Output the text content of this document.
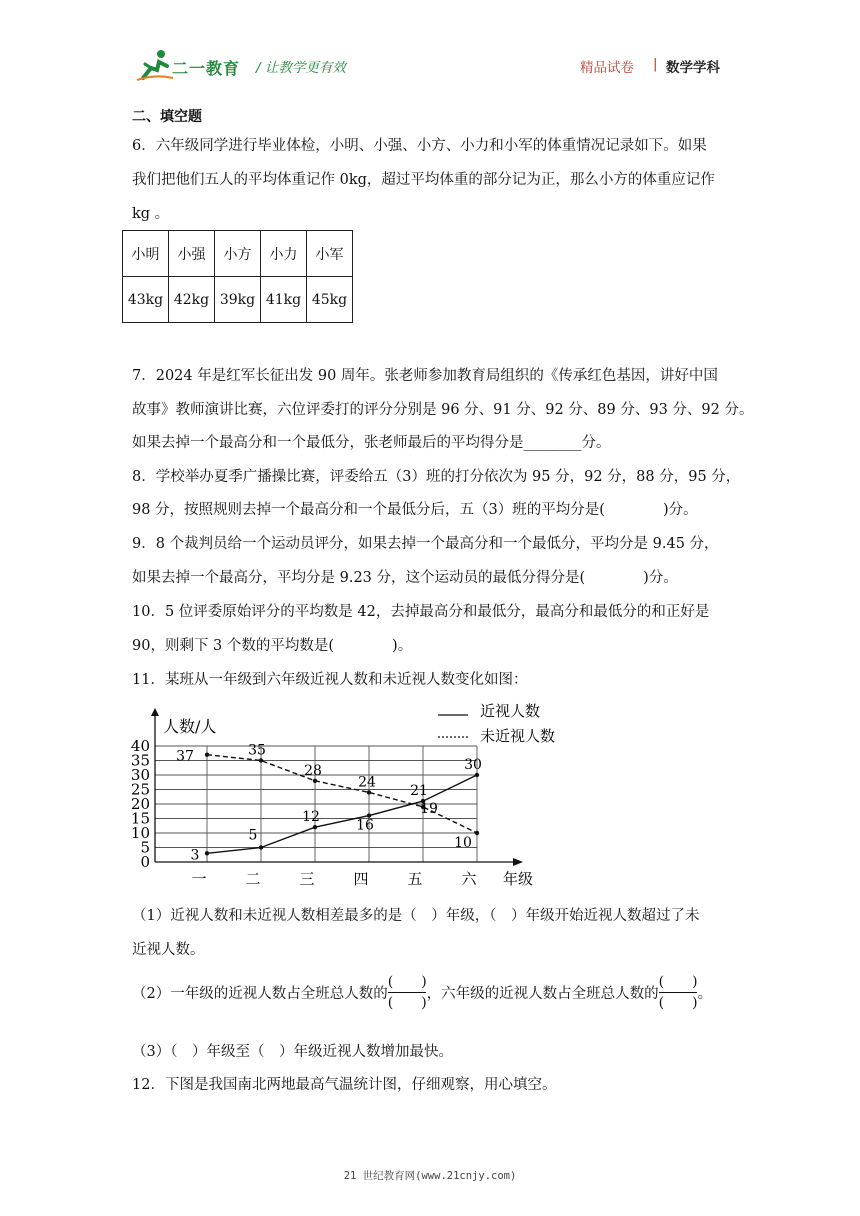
二一教育 / 让教学更有效	精品试卷 | 数学学科
二、填空题
6．六年级同学进行毕业体检，小明、小强、小方、小力和小军的体重情况记录如下。如果
我们把他们五人的平均体重记作 0kg，超过平均体重的部分记为正，那么小方的体重应记作
kg 。
小明	小强	小方	小力	小军
43kg	42kg	39kg	41kg	45kg
7．2024 年是红军长征出发 90 周年。张老师参加教育局组织的《传承红色基因，讲好中国
故事》教师演讲比赛，六位评委打的评分分别是 96 分、91 分、92 分、89 分、93 分、92 分。
如果去掉一个最高分和一个最低分，张老师最后的平均得分是________分。
8．学校举办夏季广播操比赛，评委给五（3）班的打分依次为 95 分，92 分，88 分，95 分，
98 分，按照规则去掉一个最高分和一个最低分后，五（3）班的平均分是(　　　　)分。
9．8 个裁判员给一个运动员评分，如果去掉一个最高分和一个最低分，平均分是 9.45 分，
如果去掉一个最高分，平均分是 9.23 分，这个运动员的最低分得分是(　　　　)分。
10．5 位评委原始评分的平均数是 42，去掉最高分和最低分，最高分和最低分的和正好是
90，则剩下 3 个数的平均数是(　　　　)。
11．某班从一年级到六年级近视人数和未近视人数变化如图：
0
5
10
15
20
25
30
35
40
人数/人
一	二	三	四	五	六 年级
3
5
12
16
21
30
37	35
28
24
19
10
近视人数
未近视人数
（1）近视人数和未近视人数相差最多的是（　）年级，（　）年级开始近视人数超过了未
近视人数。
（2）一年级的近视人数占全班总人数的 $\frac{( )}{( )}$ ，六年级的近视人数占全班总人数的 $\frac{( )}{( )}$ 。
（3）（　）年级至（　）年级近视人数增加最快。
12．下图是我国南北两地最高气温统计图，仔细观察，用心填空。
21 世纪教育网(www.21cnjy.com)
